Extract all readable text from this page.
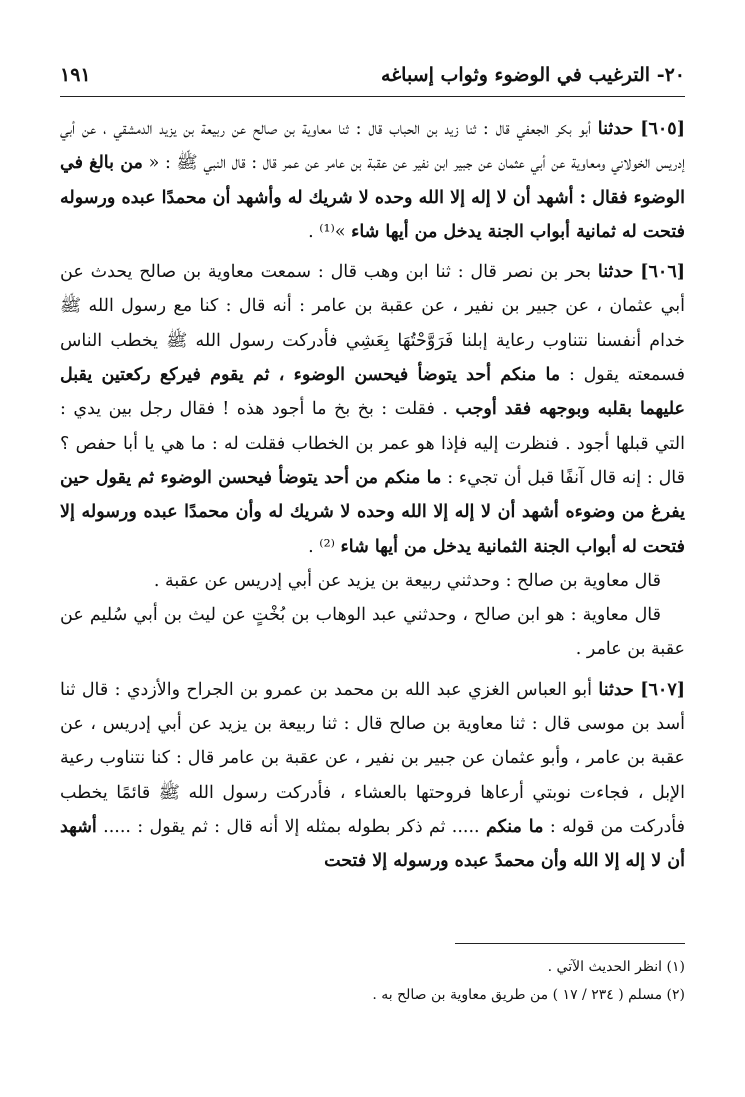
٢٠- الترغيب في الوضوء وثواب إسباغه
١٩١

[٦٠٥] حدثنا أبو بكر الجعفي قال : ثنا زيد بن الحباب قال : ثنا معاوية بن صالح عن ربيعة بن يزيد الدمشقي ، عن أبي إدريس الخولاني ومعاوية عن أبي عثمان عن جبير ابن نفير عن عقبة بن عامر عن عمر قال : قال النبي ﷺ : « من بالغ في الوضوء فقال : أشهد أن لا إله إلا الله وحده لا شريك له وأشهد أن محمدًا عبده ورسوله فتحت له ثمانية أبواب الجنة يدخل من أيها شاء »⁽¹⁾ .

[٦٠٦] حدثنا بحر بن نصر قال : ثنا ابن وهب قال : سمعت معاوية بن صالح يحدث عن أبي عثمان ، عن جبير بن نفير ، عن عقبة بن عامر : أنه قال : كنا مع رسول الله ﷺ خدام أنفسنا نتناوب رعاية إبلنا فَرَوَّحْتُهَا بِعَشِي فأدركت رسول الله ﷺ يخطب الناس فسمعته يقول : ما منكم أحد يتوضأ فيحسن الوضوء ، ثم يقوم فيركع ركعتين يقبل عليهما بقلبه وبوجهه فقد أوجب . فقلت : بخ بخ ما أجود هذه ! فقال رجل بين يدي : التي قبلها أجود . فنظرت إليه فإذا هو عمر بن الخطاب فقلت له : ما هي يا أبا حفص ؟ قال : إنه قال آنفًا قبل أن تجيء : ما منكم من أحد يتوضأ فيحسن الوضوء ثم يقول حين يفرغ من وضوءه أشهد أن لا إله إلا الله وحده لا شريك له وأن محمدًا عبده ورسوله إلا فتحت له أبواب الجنة الثمانية يدخل من أيها شاء ⁽²⁾ .

قال معاوية بن صالح : وحدثني ربيعة بن يزيد عن أبي إدريس عن عقبة .

قال معاوية : هو ابن صالح ، وحدثني عبد الوهاب بن بُخْتٍ عن ليث بن أبي سُليم عن عقبة بن عامر .

[٦٠٧] حدثنا أبو العباس الغزي عبد الله بن محمد بن عمرو بن الجراح والأزدي : قال ثنا أسد بن موسى قال : ثنا معاوية بن صالح قال : ثنا ربيعة بن يزيد عن أبي إدريس ، عن عقبة بن عامر ، وأبو عثمان عن جبير بن نفير ، عن عقبة بن عامر قال : كنا نتناوب رعية الإبل ، فجاءت نوبتي أرعاها فروحتها بالعشاء ، فأدركت رسول الله ﷺ قائمًا يخطب فأدركت من قوله : ما منكم ..... ثم ذكر بطوله بمثله إلا أنه قال : ثم يقول : ..... أشهد أن لا إله إلا الله وأن محمدً عبده ورسوله إلا فتحت

(١) انظر الحديث الآتي .

(٢) مسلم ( ٢٣٤ / ١٧ ) من طريق معاوية بن صالح به .
